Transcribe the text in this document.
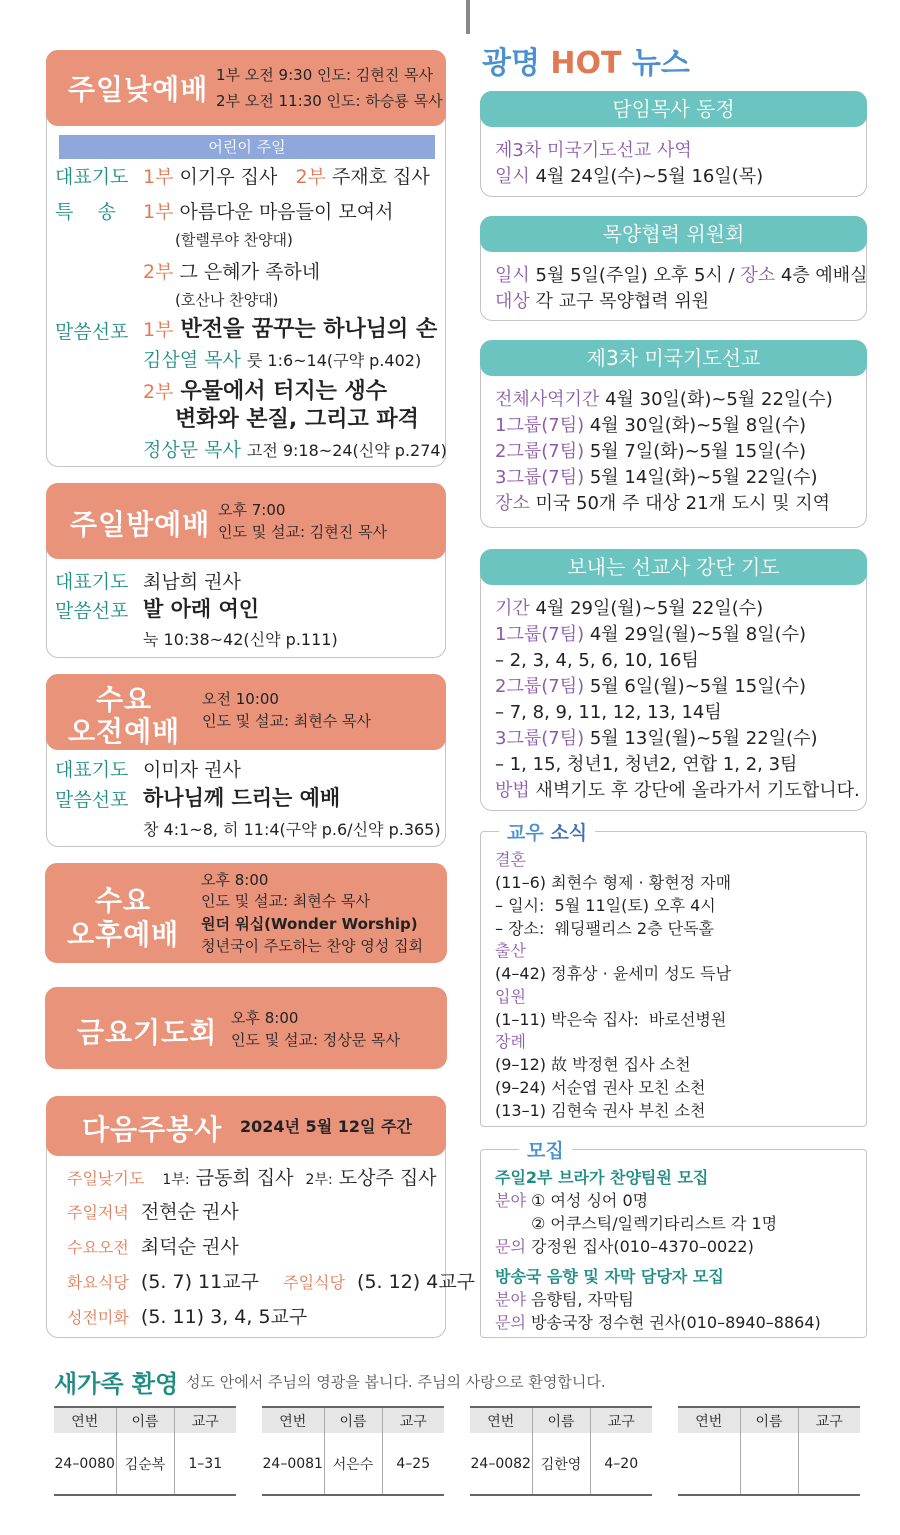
주일낮예배 1부 오전 9:30 인도: 김현진 목사
2부 오전 11:30 인도: 하승룡 목사
어린이 주일
대표기도 1부 이기우 집사 2부 주재호 집사
특    송 1부 아름다운 마음들이 모여서
(할렐루야 찬양대)
2부 그 은혜가 족하네
(호산나 찬양대)
말씀선포 1부 반전을 꿈꾸는 하나님의 손
김삼열 목사 룻 1:6~14(구약 p.402)
2부 우물에서 터지는 생수
변화와 본질, 그리고 파격
정상문 목사 고전 9:18~24(신약 p.274)
주일밤예배 오후 7:00
인도 및 설교: 김현진 목사
대표기도 최남희 권사
말씀선포 발 아래 여인
눅 10:38~42(신약 p.111)
수요
오전예배
오전 10:00
인도 및 설교: 최현수 목사
대표기도 이미자 권사
말씀선포 하나님께 드리는 예배
창 4:1~8, 히 11:4(구약 p.6/신약 p.365)
수요
오후예배
오후 8:00
인도 및 설교: 최현수 목사
원더 워십(Wonder Worship)
청년국이 주도하는 찬양 영성 집회
금요기도회 오후 8:00
인도 및 설교: 정상문 목사
다음주봉사 2024년 5월 12일 주간
주일낮기도 1부: 금동희 집사 2부: 도상주 집사
주일저녁 전현순 권사
수요오전 최덕순 권사
화요식당 (5. 7) 11교구 주일식당 (5. 12) 4교구
성전미화 (5. 11) 3, 4, 5교구
광명 HOT 뉴스
담임목사 동정
제3차 미국기도선교 사역
일시 4월 24일(수)~5월 16일(목)
목양협력 위원회
일시 5월 5일(주일) 오후 5시 / 장소 4층 예배실
대상 각 교구 목양협력 위원
제3차 미국기도선교
전체사역기간 4월 30일(화)~5월 22일(수)
1그룹(7팀) 4월 30일(화)~5월 8일(수)
2그룹(7팀) 5월 7일(화)~5월 15일(수)
3그룹(7팀) 5월 14일(화)~5월 22일(수)
장소 미국 50개 주 대상 21개 도시 및 지역
보내는 선교사 강단 기도
기간 4월 29일(월)~5월 22일(수)
1그룹(7팀) 4월 29일(월)~5월 8일(수)
– 2, 3, 4, 5, 6, 10, 16팀
2그룹(7팀) 5월 6일(월)~5월 15일(수)
– 7, 8, 9, 11, 12, 13, 14팀
3그룹(7팀) 5월 13일(월)~5월 22일(수)
– 1, 15, 청년1, 청년2, 연합 1, 2, 3팀
방법 새벽기도 후 강단에 올라가서 기도합니다.
교우 소식
결혼
(11–6) 최현수 형제 · 황현정 자매
– 일시:  5월 11일(토) 오후 4시
– 장소:  웨딩팰리스 2층 단독홀
출산
(4–42) 정휴상 · 윤세미 성도 득남
입원
(1–11) 박은숙 집사:  바로선병원
장례
(9–12) 故 박정현 집사 소천
(9–24) 서순엽 권사 모친 소천
(13–1) 김현숙 권사 부친 소천
모집
주일2부 브라가 찬양팀원 모집
분야 ① 여성 싱어 0명
② 어쿠스틱/일렉기타리스트 각 1명
문의 강정원 집사(010–4370–0022)
방송국 음향 및 자막 담당자 모집
분야 음향팀, 자막팀
문의 방송국장 정수현 권사(010–8940–8864)
새가족 환영 성도 안에서 주님의 영광을 봅니다. 주님의 사랑으로 환영합니다.
연번	이름	교구
24–0080	김순복	1–31
연번	이름	교구
24–0081	서은수	4–25
연번	이름	교구
24–0082	김한영	4–20
연번	이름	교구
